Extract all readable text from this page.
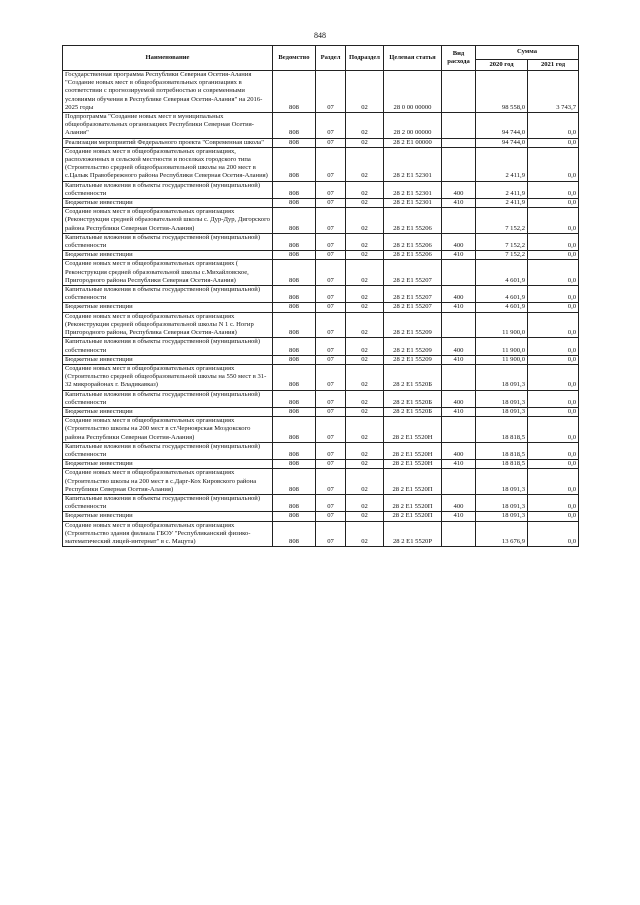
848
Наименование	Ведомство	Раздел	Подраздел	Целевая статья	Вид расхода	Сумма	
						2020 год	2021 год
Государственная программа Республики Северная Осетия-Алания "Создание новых мест в общеобразовательных организациях в соответствии с прогнозируемой потребностью и современными условиями обучения в Республике Северная Осетия-Алания" на 2016-2025 годы	808	07	02	28 0 00 00000		98 558,0	3 743,7
Подпрограмма "Создание новых мест в муниципальных общеобразовательных организациях Республики Северная Осетия-Алания"	808	07	02	28 2 00 00000		94 744,0	0,0
Реализация мероприятий Федерального проекта "Современная школа"	808	07	02	28 2 E1 00000		94 744,0	0,0
Создание новых мест в общеобразовательных организациях, расположенных в сельской местности и поселках городского типа (Строительство средней общеобразовательной школы на 200 мест в с.Цалык Правобережного района Республики Северная Осетия-Алания)	808	07	02	28 2 E1 52301		2 411,9	0,0
Капитальные вложения в объекты государственной (муниципальной) собственности	808	07	02	28 2 E1 52301	400	2 411,9	0,0
Бюджетные инвестиции	808	07	02	28 2 E1 52301	410	2 411,9	0,0
Создание новых мест в общеобразовательных организациях (Реконструкция средней образовательной школы с. Дур-Дур, Дигорского района Республики Северная Осетия-Алания)	808	07	02	28 2 E1 55206		7 152,2	0,0
Капитальные вложения в объекты государственной (муниципальной) собственности	808	07	02	28 2 E1 55206	400	7 152,2	0,0
Бюджетные инвестиции	808	07	02	28 2 E1 55206	410	7 152,2	0,0
Создание новых мест в общеобразовательных организациях ( Реконструкция средней образовательной школы с.Михайловское, Пригородного района Республики Северная Осетия-Алания)	808	07	02	28 2 E1 55207		4 601,9	0,0
Капитальные вложения в объекты государственной (муниципальной) собственности	808	07	02	28 2 E1 55207	400	4 601,9	0,0
Бюджетные инвестиции	808	07	02	28 2 E1 55207	410	4 601,9	0,0
Создание новых мест в общеобразовательных организациях (Реконструкция средней общеобразовательной школы N 1 с. Ногир Пригородного района, Республика Северная Осетия-Алания)	808	07	02	28 2 E1 55209		11 900,0	0,0
Капитальные вложения в объекты государственной (муниципальной) собственности	808	07	02	28 2 E1 55209	400	11 900,0	0,0
Бюджетные инвестиции	808	07	02	28 2 E1 55209	410	11 900,0	0,0
Создание новых мест в общеобразовательных организациях (Строительство средней общеобразовательной школы на 550 мест в 31-32 микрорайонах г. Владикавказ)	808	07	02	28 2 E1 5520Б		18 091,3	0,0
Капитальные вложения в объекты государственной (муниципальной) собственности	808	07	02	28 2 E1 5520Б	400	18 091,3	0,0
Бюджетные инвестиции	808	07	02	28 2 E1 5520Б	410	18 091,3	0,0
Создание новых мест в общеобразовательных организациях (Строительство школы на 200 мест в ст.Черноярская Моздокского района Республики Северная Осетия-Алания)	808	07	02	28 2 E1 5520Н		18 818,5	0,0
Капитальные вложения в объекты государственной (муниципальной) собственности	808	07	02	28 2 E1 5520Н	400	18 818,5	0,0
Бюджетные инвестиции	808	07	02	28 2 E1 5520Н	410	18 818,5	0,0
Создание новых мест в общеобразовательных организациях (Строительство школы на 200 мест в с.Дарг-Кох Кировского района Республики Северная Осетия-Алания)	808	07	02	28 2 E1 5520П		18 091,3	0,0
Капитальные вложения в объекты государственной (муниципальной) собственности	808	07	02	28 2 E1 5520П	400	18 091,3	0,0
Бюджетные инвестиции	808	07	02	28 2 E1 5520П	410	18 091,3	0,0
Создание новых мест в общеобразовательных организациях (Строительство здания филиала ГБОУ "Республиканский физико-математический лицей-интернат" в с. Мацута)	808	07	02	28 2 E1 5520Р		13 676,9	0,0
